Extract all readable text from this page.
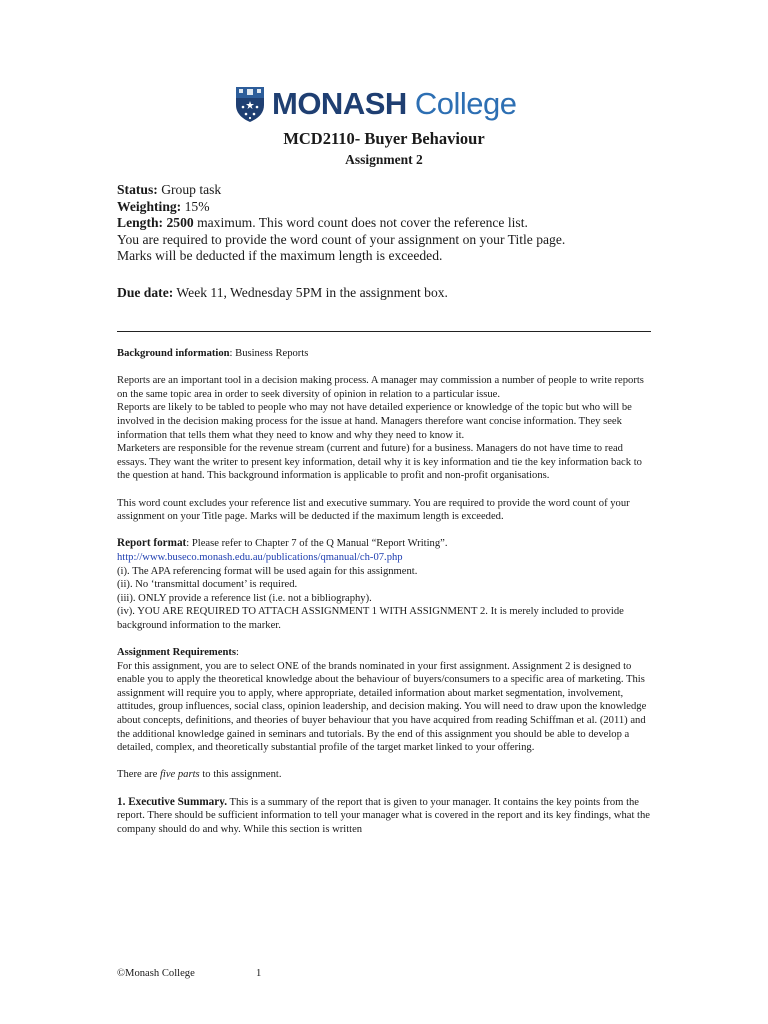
MONASH College
MCD2110- Buyer Behaviour
Assignment 2

Status: Group task

Weighting: 15%

Length: 2500 maximum. This word count does not cover the reference list.

You are required to provide the word count of your assignment on your Title page.

Marks will be deducted if the maximum length is exceeded.

Due date: Week 11, Wednesday 5PM in the assignment box.

Background information: Business Reports

Reports are an important tool in a decision making process. A manager may commission a number of people to write reports on the same topic area in order to seek diversity of opinion in relation to a particular issue.

Reports are likely to be tabled to people who may not have detailed experience or knowledge of the topic but who will be involved in the decision making process for the issue at hand. Managers therefore want concise information. They seek information that tells them what they need to know and why they need to know it.

Marketers are responsible for the revenue stream (current and future) for a business. Managers do not have time to read essays. They want the writer to present key information, detail why it is key information and tie the key information back to the question at hand. This background information is applicable to profit and non-profit organisations.

This word count excludes your reference list and executive summary. You are required to provide the word count of your assignment on your Title page. Marks will be deducted if the maximum length is exceeded.

Report format: Please refer to Chapter 7 of the Q Manual “Report Writing”.

http://www.buseco.monash.edu.au/publications/qmanual/ch-07.php

(i). The APA referencing format will be used again for this assignment.

(ii). No ‘transmittal document’ is required.

(iii). ONLY provide a reference list (i.e. not a bibliography).

(iv). YOU ARE REQUIRED TO ATTACH ASSIGNMENT 1 WITH ASSIGNMENT 2. It is merely included to provide background information to the marker.

Assignment Requirements:

For this assignment, you are to select ONE of the brands nominated in your first assignment. Assignment 2 is designed to enable you to apply the theoretical knowledge about the behaviour of buyers/consumers to a specific area of marketing. This assignment will require you to apply, where appropriate, detailed information about market segmentation, involvement, attitudes, group influences, social class, opinion leadership, and decision making. You will need to draw upon the knowledge about concepts, definitions, and theories of buyer behaviour that you have acquired from reading Schiffman et al. (2011) and the additional knowledge gained in seminars and tutorials. By the end of this assignment you should be able to develop a detailed, complex, and theoretically substantial profile of the target market linked to your offering.

There are five parts to this assignment.

1. Executive Summary. This is a summary of the report that is given to your manager. It contains the key points from the report. There should be sufficient information to tell your manager what is covered in the report and its key findings, what the company should do and why. While this section is written

©Monash College	1
